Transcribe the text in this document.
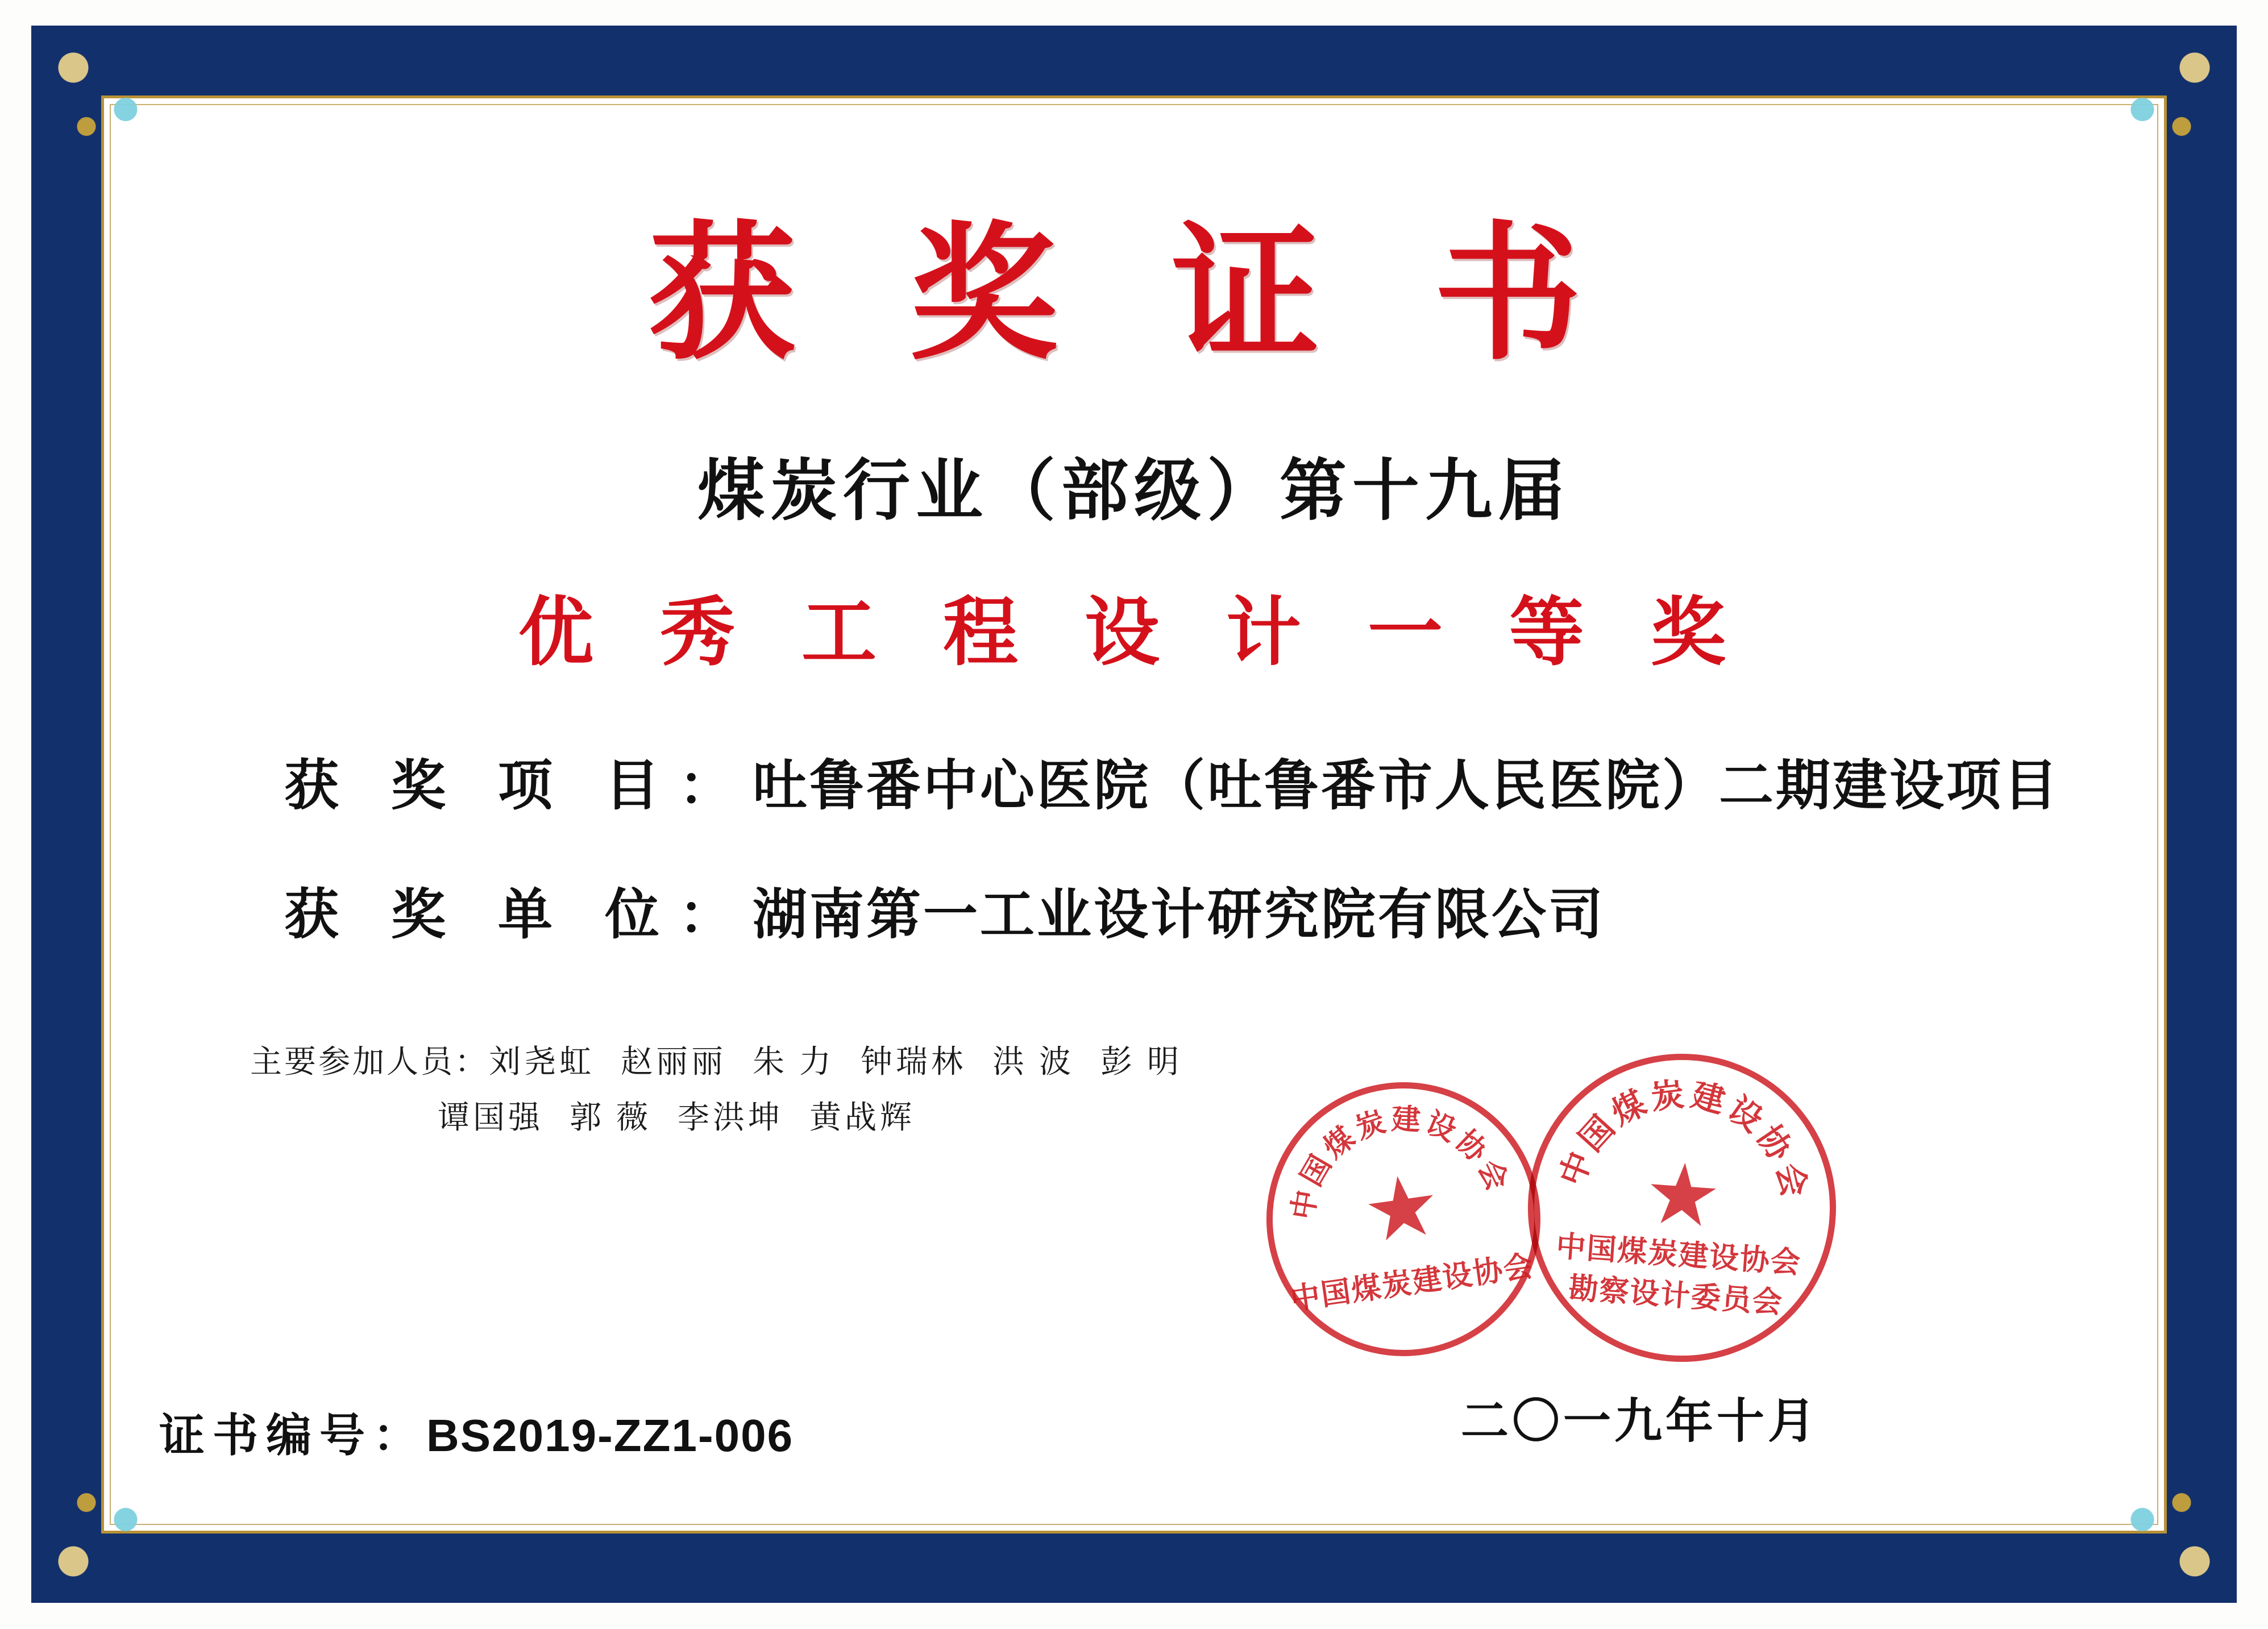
获 奖 证 书
煤炭行业（部级）第十九届
优 秀 工 程 设 计 一 等 奖
获 奖 项 目：吐鲁番中心医院（吐鲁番市人民医院）二期建设项目
获 奖 单 位：湖南第一工业设计研究院有限公司
主要参加人员：刘尧虹 赵丽丽 朱 力 钟瑞林 洪 波 彭 明
谭国强 郭 薇 李洪坤 黄战辉
证书编号：BS2019-ZZ1-006	二〇一九年十月
中国煤炭建设协会
★
中国煤炭建设协会
中国煤炭建设协会
★
中国煤炭建设协会
勘察设计委员会
